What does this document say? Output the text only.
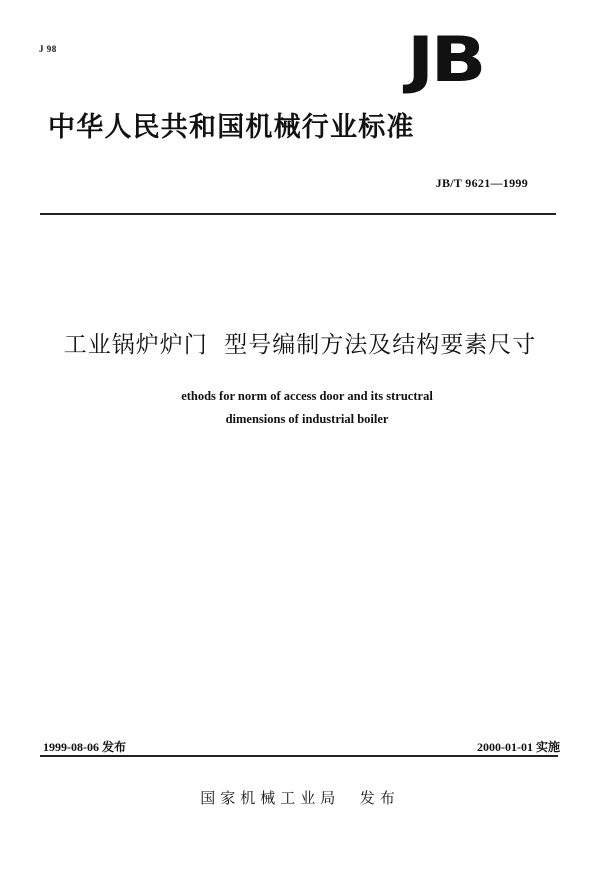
J 98	JB
中华人民共和国机械行业标准
JB/T 9621—1999
工业锅炉炉门  型号编制方法及结构要素尺寸
ethods for norm of access door and its structral
dimensions of industrial boiler
1999-08-06 发布	2000-01-01 实施
国家机械工业局  发布
